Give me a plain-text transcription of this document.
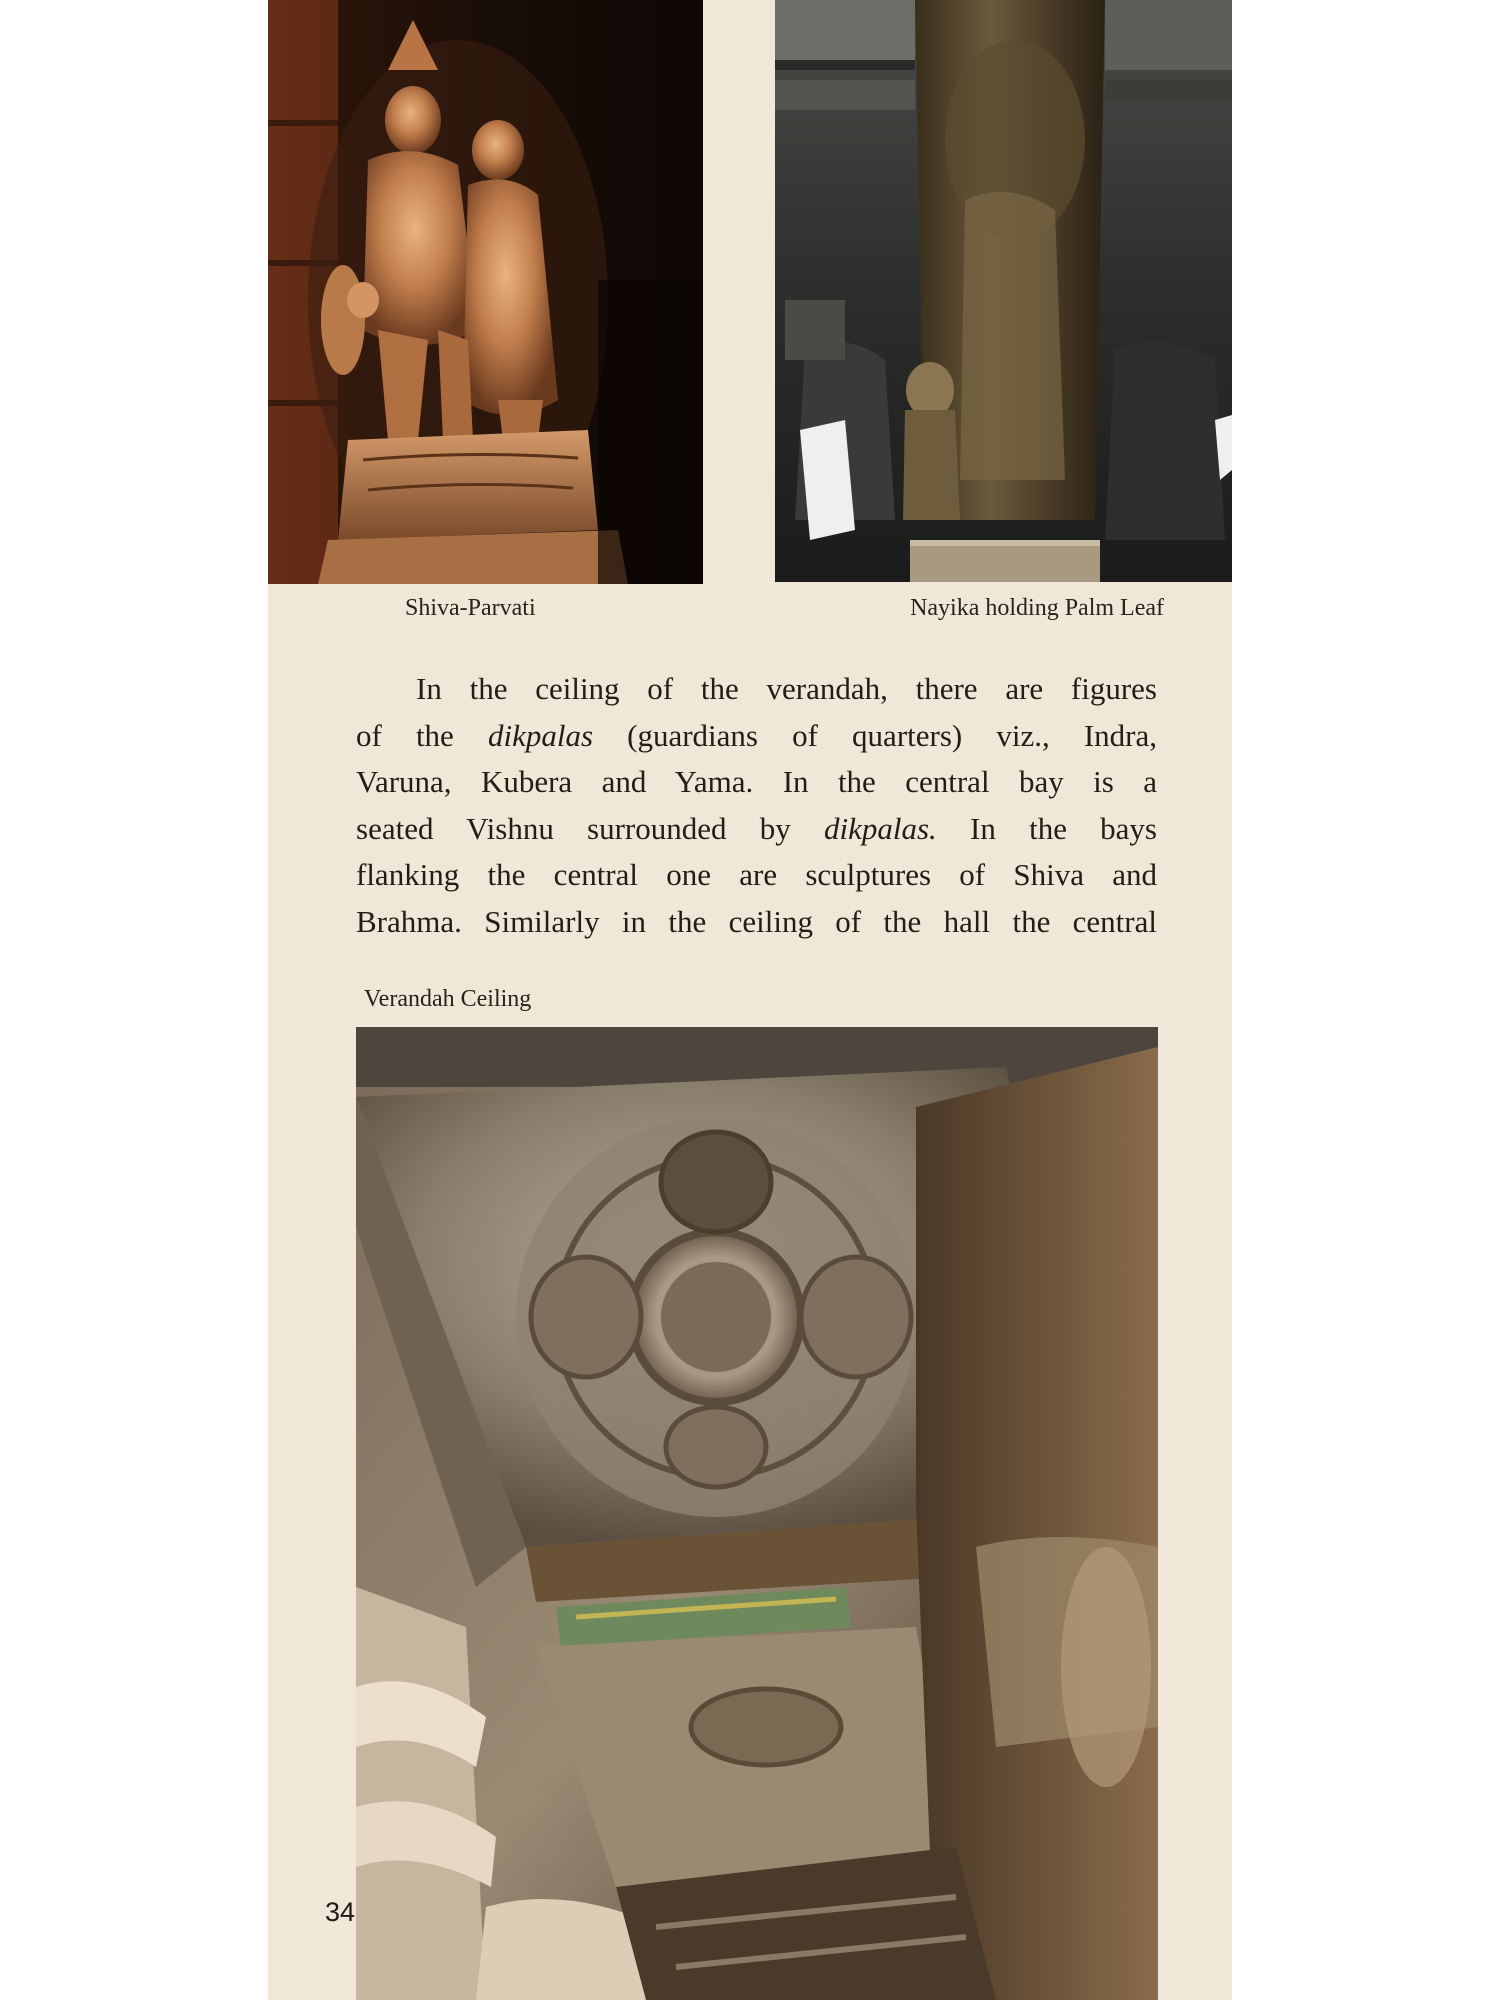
Shiva-Parvati	Nayika holding Palm Leaf

In the ceiling of the verandah, there are figures
of the dikpalas (guardians of quarters) viz., Indra,
Varuna, Kubera and Yama. In the central bay is a
seated Vishnu surrounded by dikpalas. In the bays
flanking the central one are sculptures of Shiva and
Brahma. Similarly in the ceiling of the hall the central

Verandah Ceiling
34
